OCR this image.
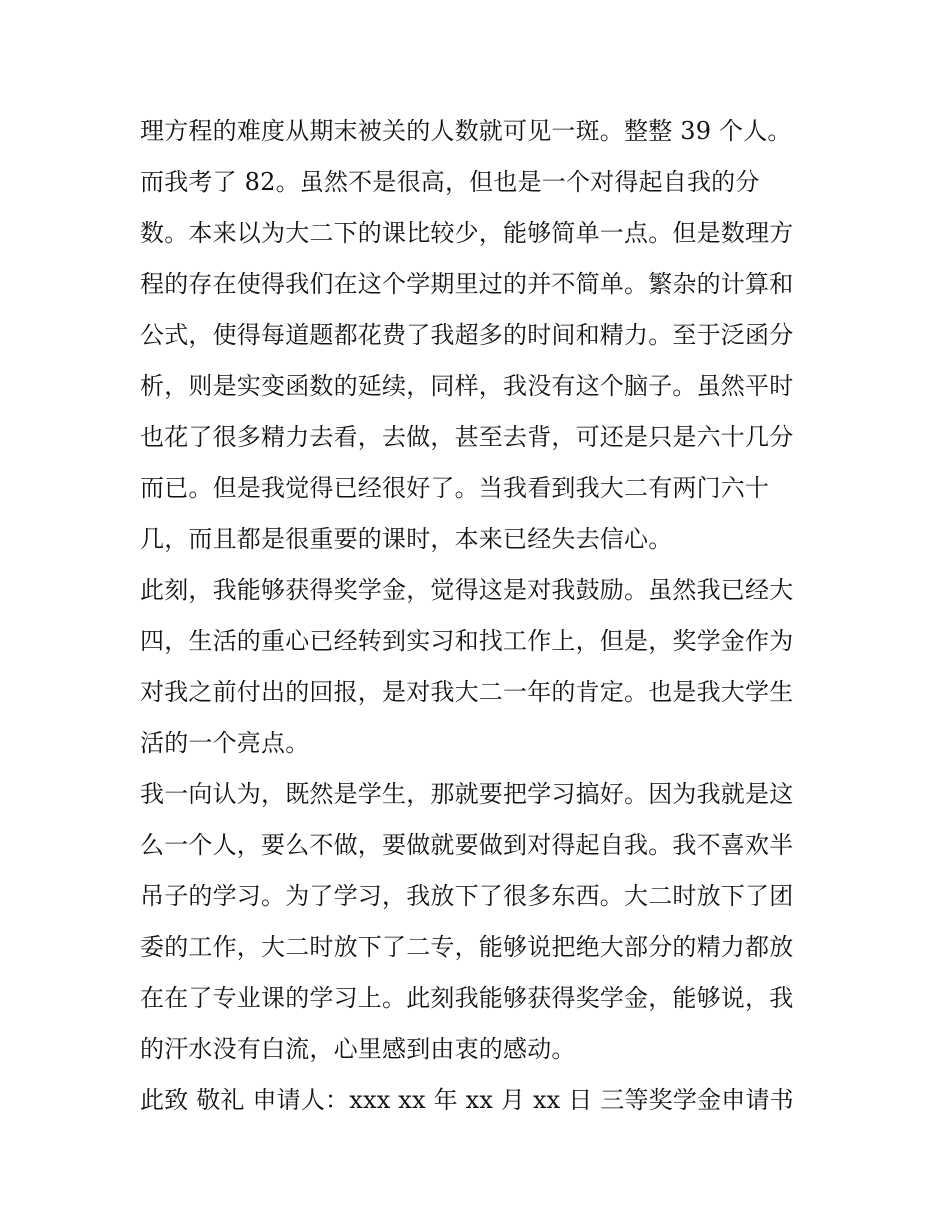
理方程的难度从期末被关的人数就可见一斑。整整 39 个人。
而我考了 82。虽然不是很高，但也是一个对得起自我的分
数。本来以为大二下的课比较少，能够简单一点。但是数理方
程的存在使得我们在这个学期里过的并不简单。繁杂的计算和
公式，使得每道题都花费了我超多的时间和精力。至于泛函分
析，则是实变函数的延续，同样，我没有这个脑子。虽然平时
也花了很多精力去看，去做，甚至去背，可还是只是六十几分
而已。但是我觉得已经很好了。当我看到我大二有两门六十
几，而且都是很重要的课时，本来已经失去信心。
此刻，我能够获得奖学金，觉得这是对我鼓励。虽然我已经大
四，生活的重心已经转到实习和找工作上，但是，奖学金作为
对我之前付出的回报，是对我大二一年的肯定。也是我大学生
活的一个亮点。
我一向认为，既然是学生，那就要把学习搞好。因为我就是这
么一个人，要么不做，要做就要做到对得起自我。我不喜欢半
吊子的学习。为了学习，我放下了很多东西。大二时放下了团
委的工作，大二时放下了二专，能够说把绝大部分的精力都放
在在了专业课的学习上。此刻我能够获得奖学金，能够说，我
的汗水没有白流，心里感到由衷的感动。
此致 敬礼 申请人：xxx xx 年 xx 月 xx 日 三等奖学金申请书
